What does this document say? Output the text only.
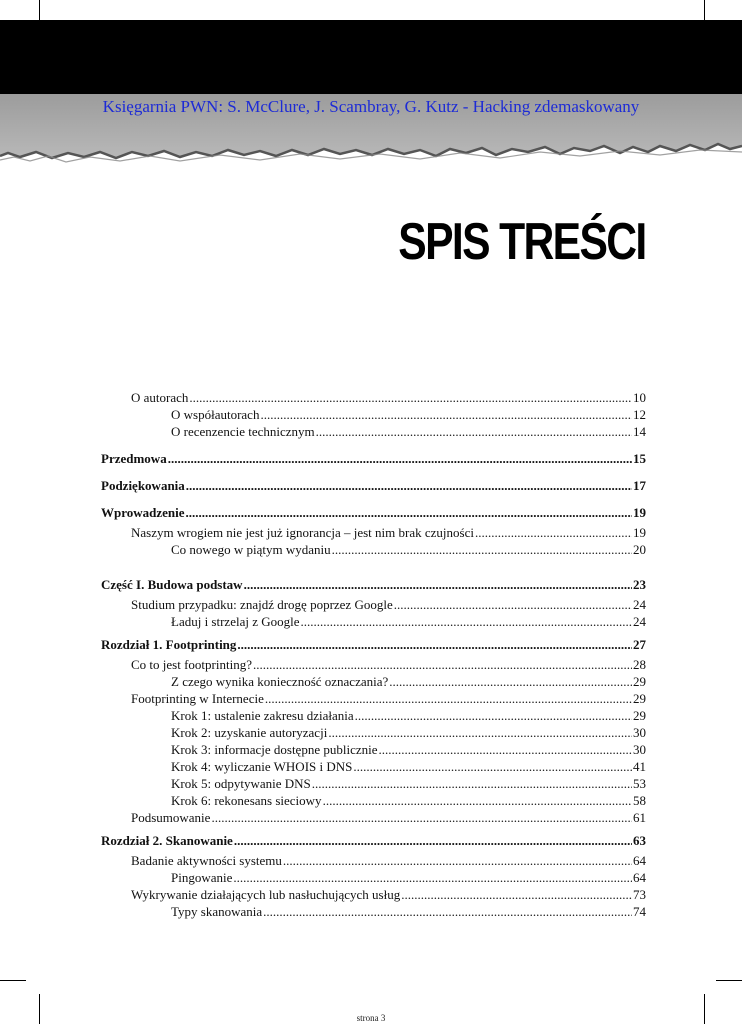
Księgarnia PWN: S. McClure, J. Scambray, G. Kutz - Hacking zdemaskowany
SPIS TREŚCI
O autorach .....	10
O współautorach .....	12
O recenzencie technicznym .....	14
Przedmowa .....	15
Podziękowania .....	17
Wprowadzenie .....	19
Naszym wrogiem nie jest już ignorancja – jest nim brak czujności .....	19
Co nowego w piątym wydaniu .....	20
Część I. Budowa podstaw .....	23
Studium przypadku: znajdź drogę poprzez Google .....	24
Ładuj i strzelaj z Google .....	24
Rozdział 1. Footprinting .....	27
Co to jest footprinting? .....	28
Z czego wynika konieczność oznaczania? .....	29
Footprinting w Internecie .....	29
Krok 1: ustalenie zakresu działania .....	29
Krok 2: uzyskanie autoryzacji .....	30
Krok 3: informacje dostępne publicznie .....	30
Krok 4: wyliczanie WHOIS i DNS .....	41
Krok 5: odpytywanie DNS .....	53
Krok 6: rekonesans sieciowy .....	58
Podsumowanie .....	61
Rozdział 2. Skanowanie .....	63
Badanie aktywności systemu .....	64
Pingowanie .....	64
Wykrywanie działających lub nasłuchujących usług .....	73
Typy skanowania .....	74
strona 3
